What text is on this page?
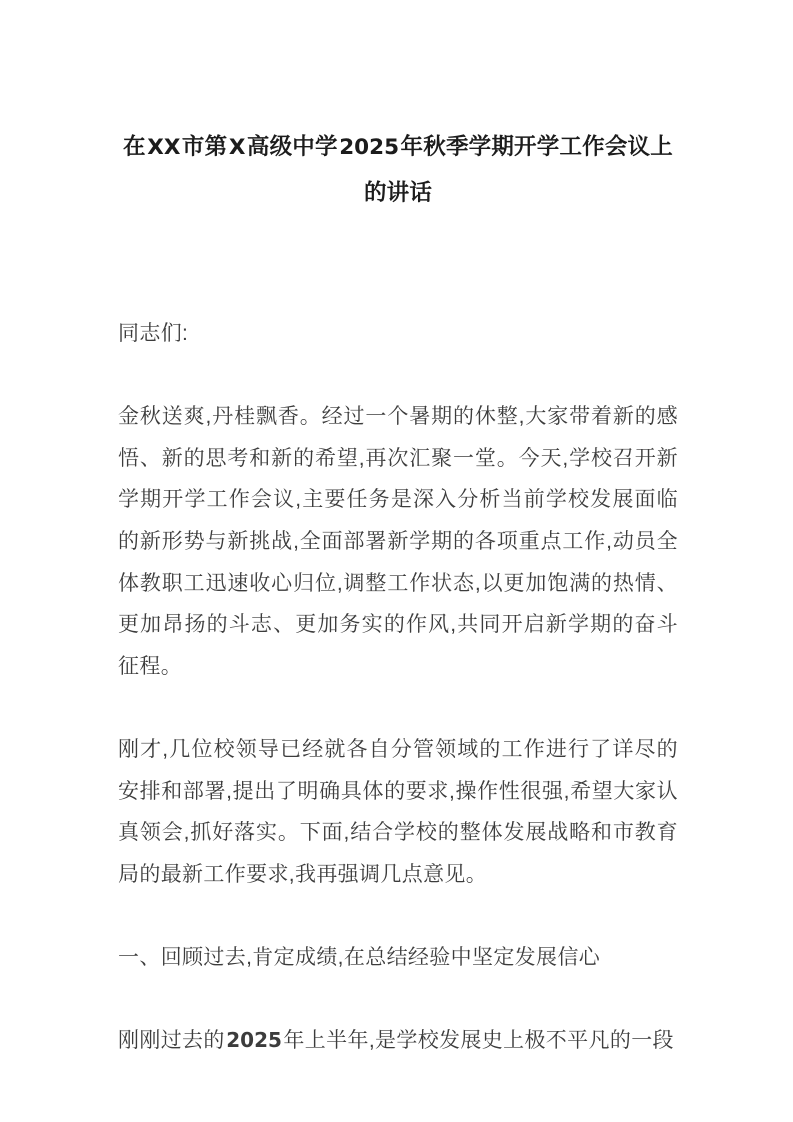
在XX市第X高级中学2025年秋季学期开学工作会议上的讲话

同志们:

金秋送爽,丹桂飘香。经过一个暑期的休整,大家带着新的感悟、新的思考和新的希望,再次汇聚一堂。今天,学校召开新学期开学工作会议,主要任务是深入分析当前学校发展面临的新形势与新挑战,全面部署新学期的各项重点工作,动员全体教职工迅速收心归位,调整工作状态,以更加饱满的热情、更加昂扬的斗志、更加务实的作风,共同开启新学期的奋斗征程。

刚才,几位校领导已经就各自分管领域的工作进行了详尽的安排和部署,提出了明确具体的要求,操作性很强,希望大家认真领会,抓好落实。下面,结合学校的整体发展战略和市教育局的最新工作要求,我再强调几点意见。

一、回顾过去,肯定成绩,在总结经验中坚定发展信心

刚刚过去的2025年上半年,是学校发展史上极不平凡的一段
